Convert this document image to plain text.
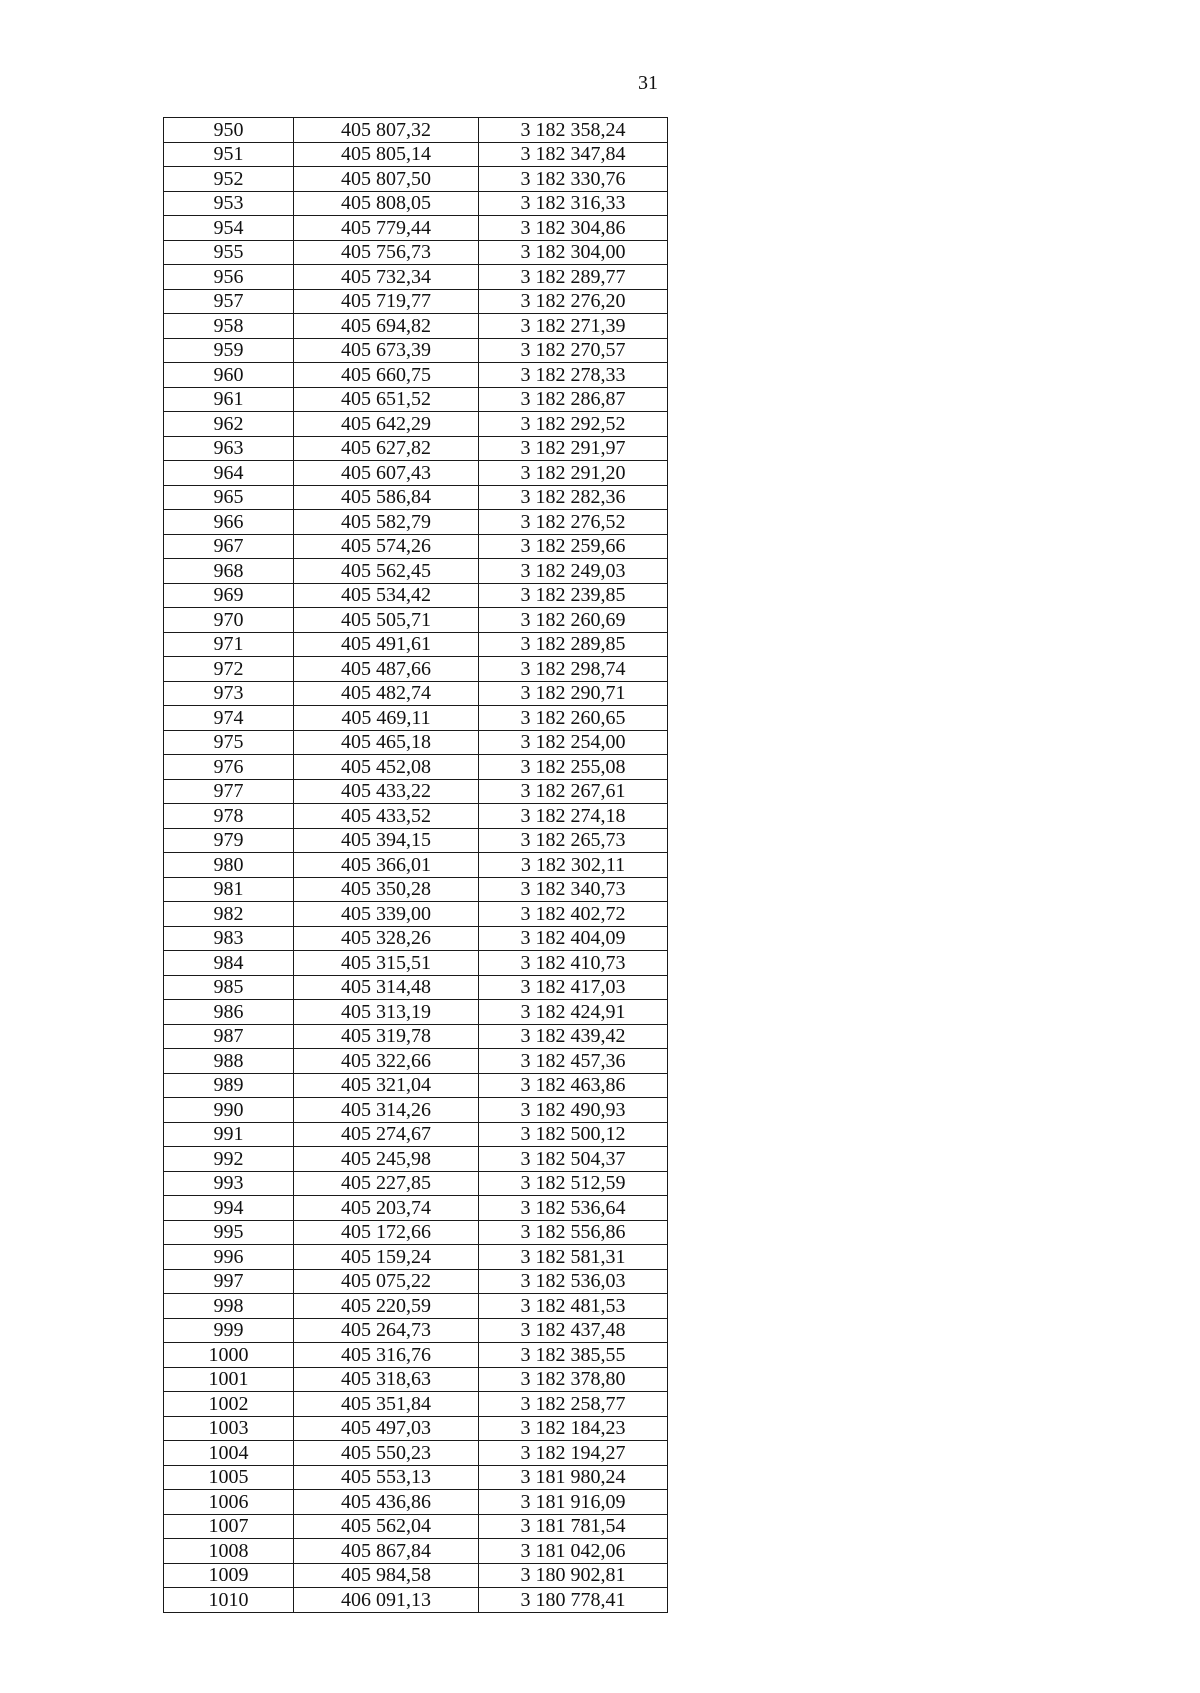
31
950	405 807,32	3 182 358,24
951	405 805,14	3 182 347,84
952	405 807,50	3 182 330,76
953	405 808,05	3 182 316,33
954	405 779,44	3 182 304,86
955	405 756,73	3 182 304,00
956	405 732,34	3 182 289,77
957	405 719,77	3 182 276,20
958	405 694,82	3 182 271,39
959	405 673,39	3 182 270,57
960	405 660,75	3 182 278,33
961	405 651,52	3 182 286,87
962	405 642,29	3 182 292,52
963	405 627,82	3 182 291,97
964	405 607,43	3 182 291,20
965	405 586,84	3 182 282,36
966	405 582,79	3 182 276,52
967	405 574,26	3 182 259,66
968	405 562,45	3 182 249,03
969	405 534,42	3 182 239,85
970	405 505,71	3 182 260,69
971	405 491,61	3 182 289,85
972	405 487,66	3 182 298,74
973	405 482,74	3 182 290,71
974	405 469,11	3 182 260,65
975	405 465,18	3 182 254,00
976	405 452,08	3 182 255,08
977	405 433,22	3 182 267,61
978	405 433,52	3 182 274,18
979	405 394,15	3 182 265,73
980	405 366,01	3 182 302,11
981	405 350,28	3 182 340,73
982	405 339,00	3 182 402,72
983	405 328,26	3 182 404,09
984	405 315,51	3 182 410,73
985	405 314,48	3 182 417,03
986	405 313,19	3 182 424,91
987	405 319,78	3 182 439,42
988	405 322,66	3 182 457,36
989	405 321,04	3 182 463,86
990	405 314,26	3 182 490,93
991	405 274,67	3 182 500,12
992	405 245,98	3 182 504,37
993	405 227,85	3 182 512,59
994	405 203,74	3 182 536,64
995	405 172,66	3 182 556,86
996	405 159,24	3 182 581,31
997	405 075,22	3 182 536,03
998	405 220,59	3 182 481,53
999	405 264,73	3 182 437,48
1000	405 316,76	3 182 385,55
1001	405 318,63	3 182 378,80
1002	405 351,84	3 182 258,77
1003	405 497,03	3 182 184,23
1004	405 550,23	3 182 194,27
1005	405 553,13	3 181 980,24
1006	405 436,86	3 181 916,09
1007	405 562,04	3 181 781,54
1008	405 867,84	3 181 042,06
1009	405 984,58	3 180 902,81
1010	406 091,13	3 180 778,41
